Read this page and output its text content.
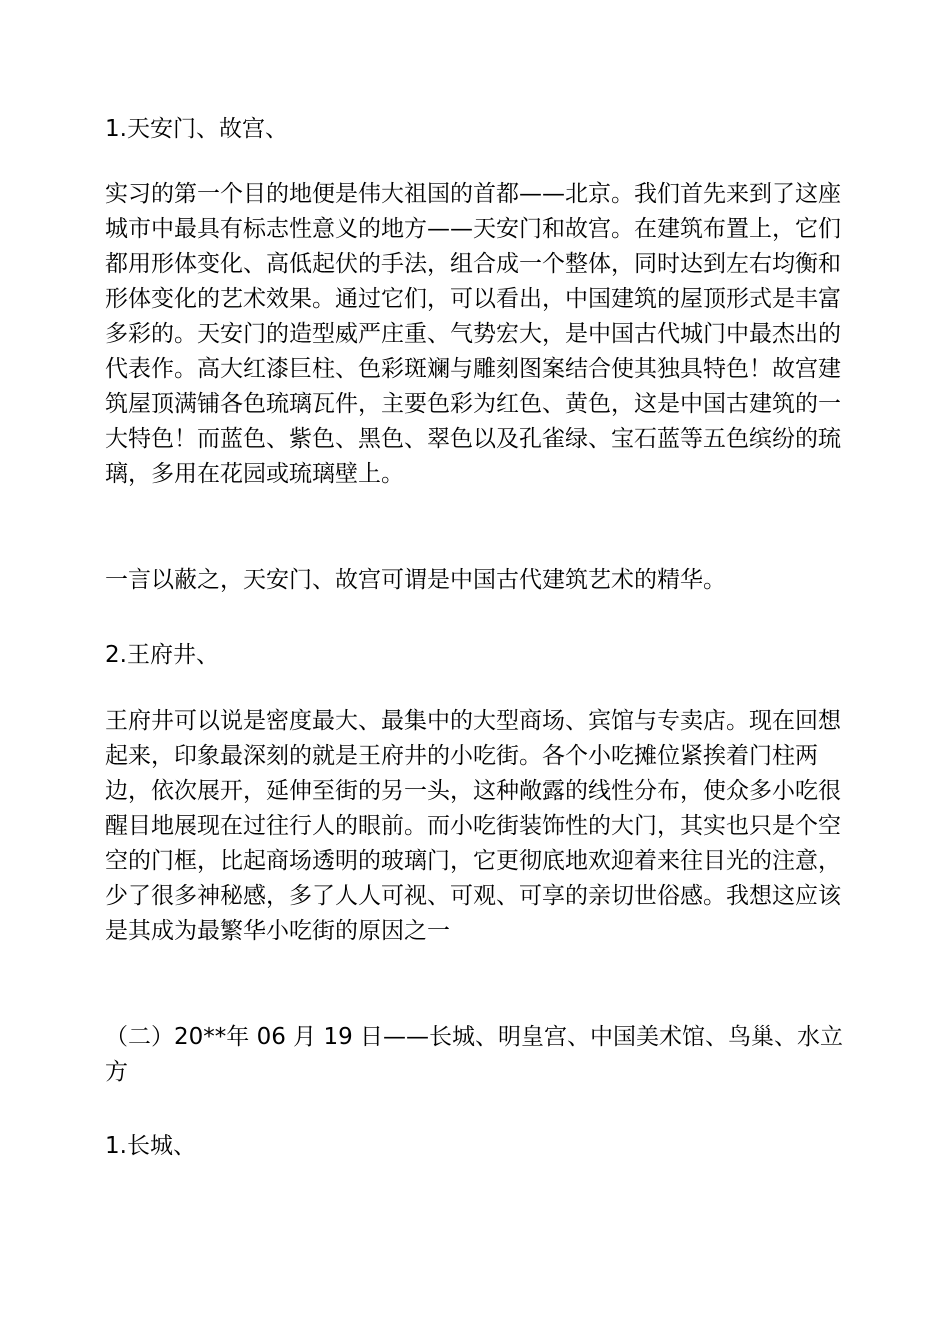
1.天安门、故宫、

实习的第一个目的地便是伟大祖国的首都——北京。我们首先来到了这座城市中最具有标志性意义的地方——天安门和故宫。在建筑布置上，它们都用形体变化、高低起伏的手法，组合成一个整体，同时达到左右均衡和形体变化的艺术效果。通过它们，可以看出，中国建筑的屋顶形式是丰富多彩的。天安门的造型威严庄重、气势宏大，是中国古代城门中最杰出的代表作。高大红漆巨柱、色彩斑斓与雕刻图案结合使其独具特色！故宫建筑屋顶满铺各色琉璃瓦件，主要色彩为红色、黄色，这是中国古建筑的一大特色！而蓝色、紫色、黑色、翠色以及孔雀绿、宝石蓝等五色缤纷的琉璃，多用在花园或琉璃壁上。

一言以蔽之，天安门、故宫可谓是中国古代建筑艺术的精华。

2.王府井、

王府井可以说是密度最大、最集中的大型商场、宾馆与专卖店。现在回想起来，印象最深刻的就是王府井的小吃街。各个小吃摊位紧挨着门柱两边，依次展开，延伸至街的另一头，这种敞露的线性分布，使众多小吃很醒目地展现在过往行人的眼前。而小吃街装饰性的大门，其实也只是个空空的门框，比起商场透明的玻璃门，它更彻底地欢迎着来往目光的注意，少了很多神秘感，多了人人可视、可观、可享的亲切世俗感。我想这应该是其成为最繁华小吃街的原因之一

（二）20**年 06 月 19 日——长城、明皇宫、中国美术馆、鸟巢、水立方

1.长城、
